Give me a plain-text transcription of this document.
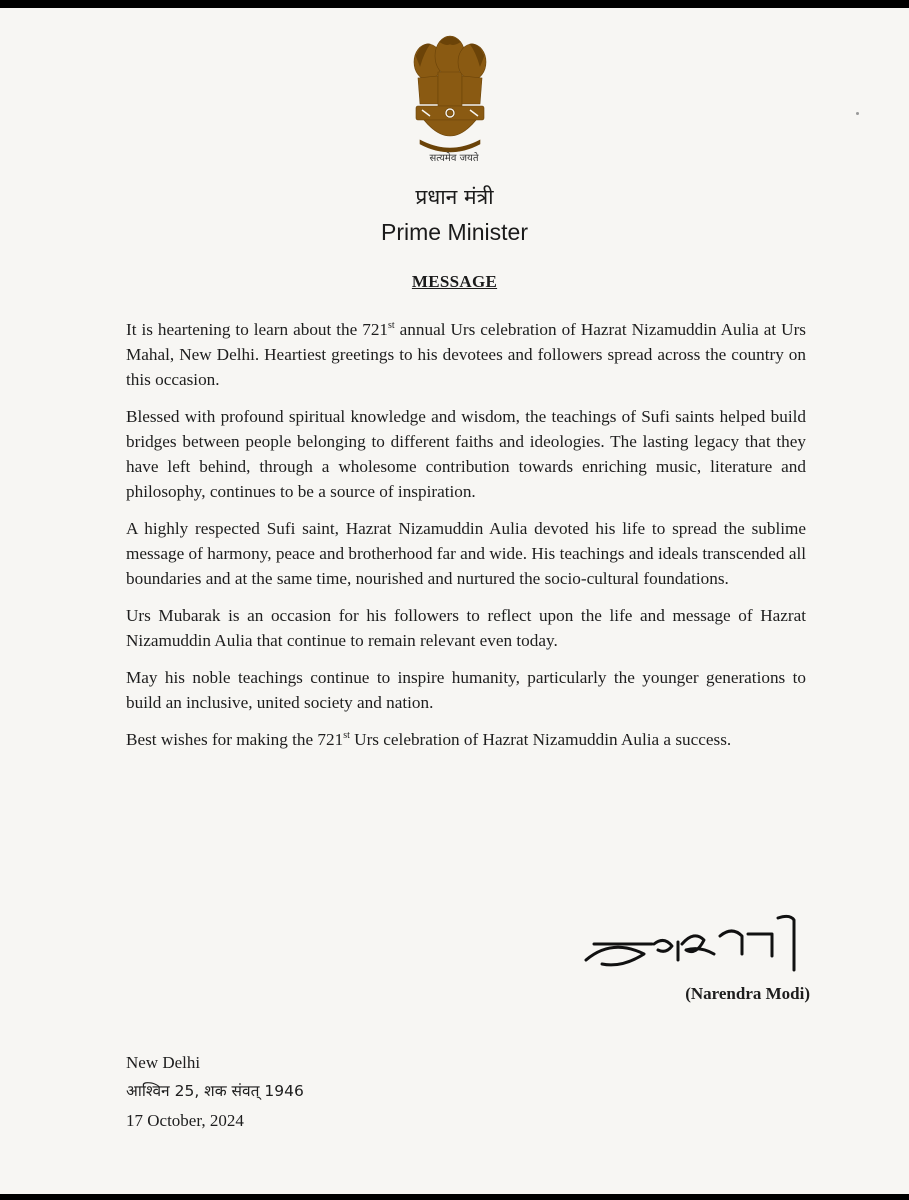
सत्यमेव जयते
प्रधान मंत्री
Prime Minister
MESSAGE

It is heartening to learn about the 721st annual Urs celebration of Hazrat Nizamuddin Aulia at Urs Mahal, New Delhi. Heartiest greetings to his devotees and followers spread across the country on this occasion.

Blessed with profound spiritual knowledge and wisdom, the teachings of Sufi saints helped build bridges between people belonging to different faiths and ideologies. The lasting legacy that they have left behind, through a wholesome contribution towards enriching music, literature and philosophy, continues to be a source of inspiration.

A highly respected Sufi saint, Hazrat Nizamuddin Aulia devoted his life to spread the sublime message of harmony, peace and brotherhood far and wide. His teachings and ideals transcended all boundaries and at the same time, nourished and nurtured the socio-cultural foundations.

Urs Mubarak is an occasion for his followers to reflect upon the life and message of Hazrat Nizamuddin Aulia that continue to remain relevant even today.

May his noble teachings continue to inspire humanity, particularly the younger generations to build an inclusive, united society and nation.

Best wishes for making the 721st Urs celebration of Hazrat Nizamuddin Aulia a success.

(Narendra Modi)
New Delhi
आश्विन 25, शक संवत् 1946
17 October, 2024
